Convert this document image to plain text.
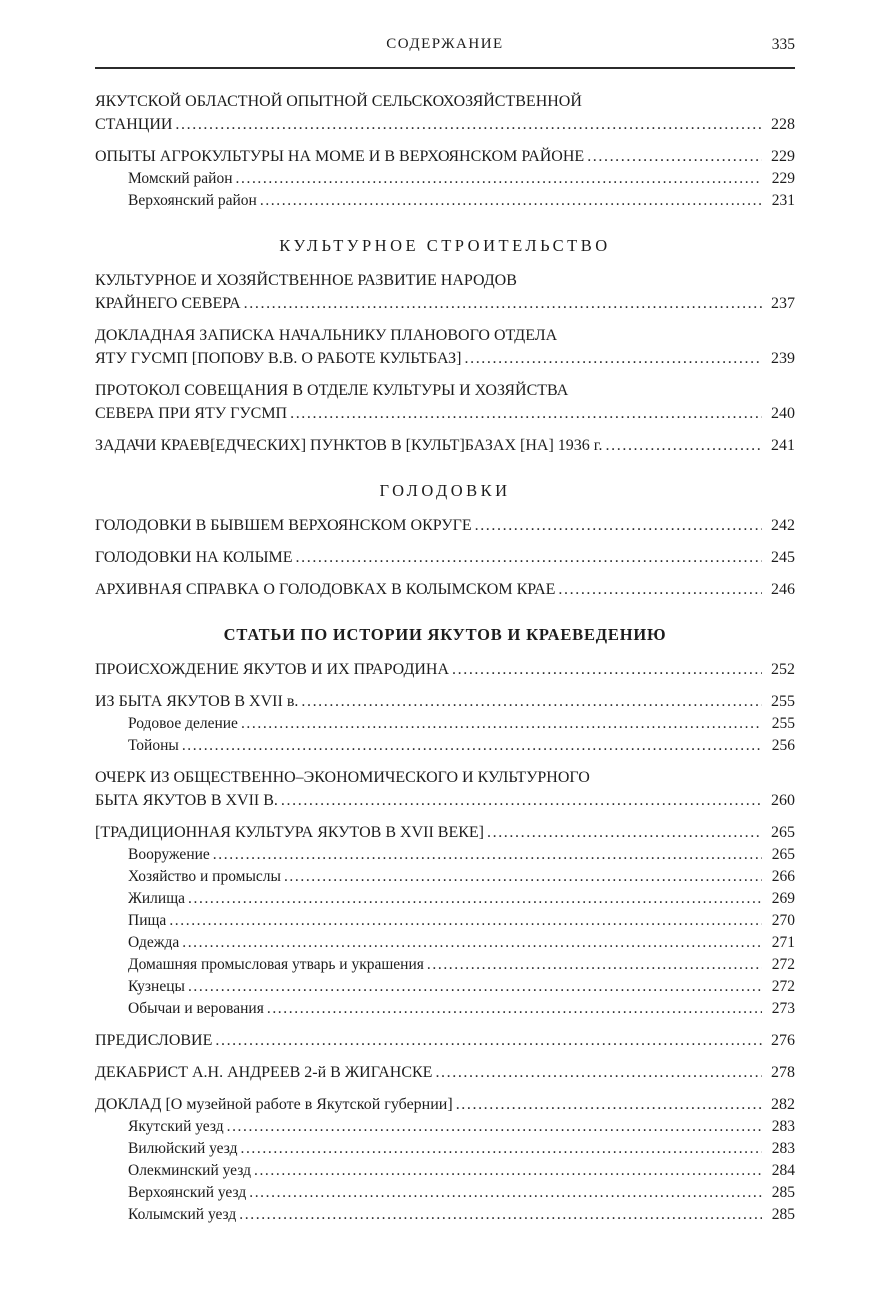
СОДЕРЖАНИЕ	335
ЯКУТСКОЙ ОБЛАСТНОЙ ОПЫТНОЙ СЕЛЬСКОХОЗЯЙСТВЕННОЙ
СТАНЦИИ .....	228
ОПЫТЫ АГРОКУЛЬТУРЫ НА МОМЕ И В ВЕРХОЯНСКОМ РАЙОНЕ .....	229
Момский район .....	229
Верхоянский район .....	231
КУЛЬТУРНОЕ СТРОИТЕЛЬСТВО
КУЛЬТУРНОЕ И ХОЗЯЙСТВЕННОЕ РАЗВИТИЕ НАРОДОВ
КРАЙНЕГО СЕВЕРА .....	237
ДОКЛАДНАЯ ЗАПИСКА НАЧАЛЬНИКУ ПЛАНОВОГО ОТДЕЛА
ЯТУ ГУСМП [ПОПОВУ В.В. О РАБОТЕ КУЛЬТБАЗ] .....	239
ПРОТОКОЛ СОВЕЩАНИЯ В ОТДЕЛЕ КУЛЬТУРЫ И ХОЗЯЙСТВА
СЕВЕРА ПРИ ЯТУ ГУСМП .....	240
ЗАДАЧИ КРАЕВ[ЕДЧЕСКИХ] ПУНКТОВ В [КУЛЬТ]БАЗАХ [НА] 1936 г. .....	241
ГОЛОДОВКИ
ГОЛОДОВКИ В БЫВШЕМ ВЕРХОЯНСКОМ ОКРУГЕ .....	242
ГОЛОДОВКИ НА КОЛЫМЕ .....	245
АРХИВНАЯ СПРАВКА О ГОЛОДОВКАХ В КОЛЫМСКОМ КРАЕ .....	246
СТАТЬИ ПО ИСТОРИИ ЯКУТОВ И КРАЕВЕДЕНИЮ
ПРОИСХОЖДЕНИЕ ЯКУТОВ И ИХ ПРАРОДИНА .....	252
ИЗ БЫТА ЯКУТОВ В XVII в. .....	255
Родовое деление .....	255
Тойоны .....	256
ОЧЕРК ИЗ ОБЩЕСТВЕННО–ЭКОНОМИЧЕСКОГО И КУЛЬТУРНОГО
БЫТА ЯКУТОВ В XVII В. .....	260
[ТРАДИЦИОННАЯ КУЛЬТУРА ЯКУТОВ В XVII ВЕКЕ] .....	265
Вооружение .....	265
Хозяйство и промыслы .....	266
Жилища .....	269
Пища .....	270
Одежда .....	271
Домашняя промысловая утварь и украшения .....	272
Кузнецы .....	272
Обычаи и верования .....	273
ПРЕДИСЛОВИЕ .....	276
ДЕКАБРИСТ А.Н. АНДРЕЕВ 2-й В ЖИГАНСКЕ .....	278
ДОКЛАД [О музейной работе в Якутской губернии] .....	282
Якутский уезд .....	283
Вилюйский уезд .....	283
Олекминский уезд .....	284
Верхоянский уезд .....	285
Колымский уезд .....	285
